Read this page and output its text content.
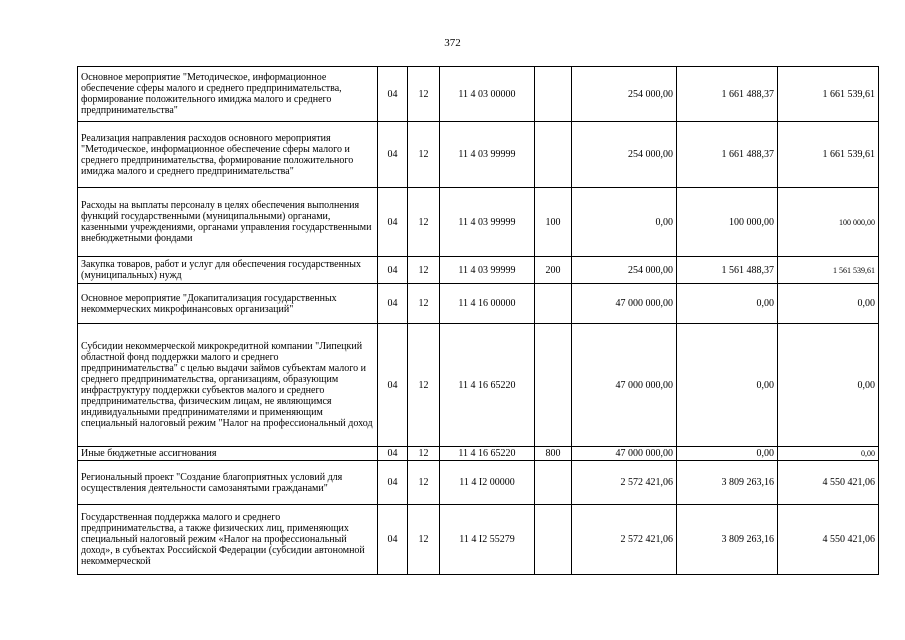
372
Основное мероприятие "Методическое, информационное обеспечение сферы малого и среднего предпринимательства, формирование положительного имиджа малого и среднего предпринимательства"	04	12	11 4 03 00000		254 000,00	1 661 488,37	1 661 539,61
Реализация направления расходов основного мероприятия "Методическое, информационное обеспечение сферы малого и среднего предпринимательства, формирование положительного имиджа малого и среднего предпринимательства"	04	12	11 4 03 99999		254 000,00	1 661 488,37	1 661 539,61
Расходы на выплаты персоналу в целях обеспечения выполнения функций государственными (муниципальными) органами, казенными учреждениями, органами управления государственными внебюджетными фондами	04	12	11 4 03 99999	100	0,00	100 000,00	100 000,00
Закупка товаров, работ и услуг для обеспечения государственных (муниципальных) нужд	04	12	11 4 03 99999	200	254 000,00	1 561 488,37	1 561 539,61
Основное мероприятие "Докапитализация государственных некоммерческих микрофинансовых организаций"	04	12	11 4 16 00000		47 000 000,00	0,00	0,00
Субсидии некоммерческой микрокредитной компании "Липецкий областной фонд поддержки малого и среднего предпринимательства" с целью выдачи займов субъектам малого и среднего предпринимательства, организациям, образующим инфраструктуру поддержки субъектов малого и среднего предпринимательства, физическим лицам, не являющимся индивидуальными предпринимателями и применяющим специальный налоговый режим "Налог на профессиональный доход	04	12	11 4 16 65220		47 000 000,00	0,00	0,00
Иные бюджетные ассигнования	04	12	11 4 16 65220	800	47 000 000,00	0,00	0,00
Региональный проект "Создание благоприятных условий для осуществления деятельности самозанятыми гражданами"	04	12	11 4 I2 00000		2 572 421,06	3 809 263,16	4 550 421,06
Государственная поддержка малого и среднего предпринимательства, а также физических лиц, применяющих специальный налоговый режим «Налог на профессиональный доход», в субъектах Российской Федерации (субсидии автономной некоммерческой	04	12	11 4 I2 55279		2 572 421,06	3 809 263,16	4 550 421,06
